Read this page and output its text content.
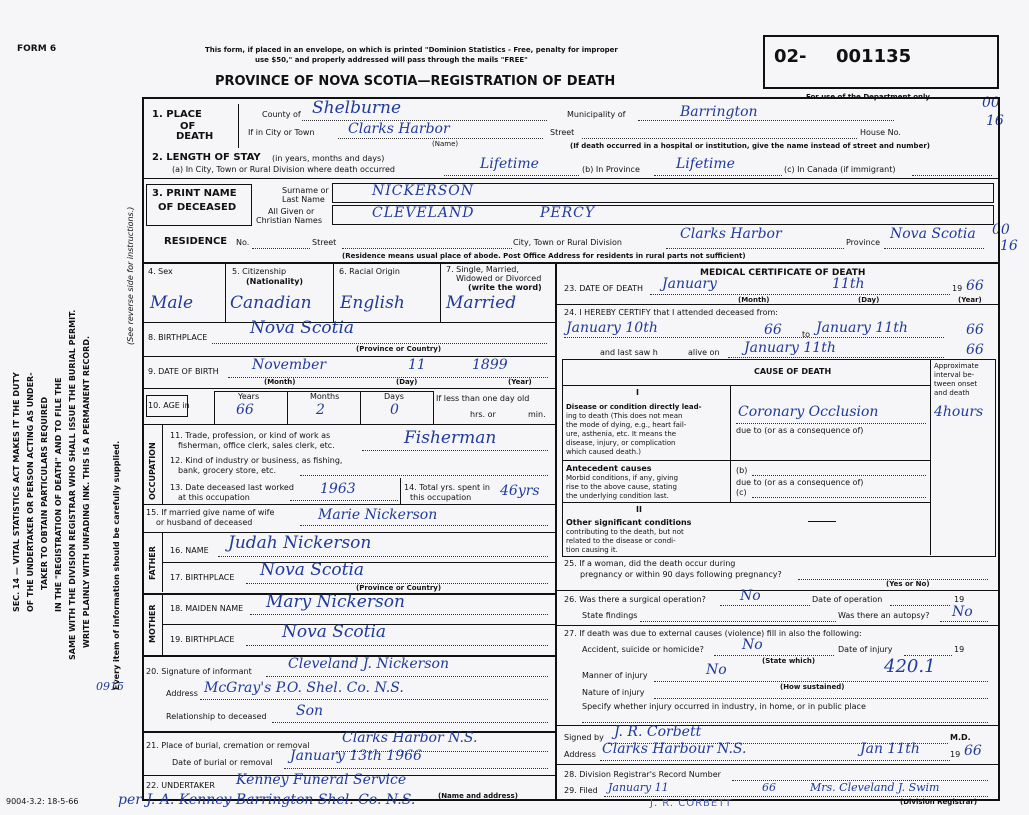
SEC. 14 — VITAL STATISTICS ACT MAKES IT THE DUTY OF THE UNDERTAKER OR PERSON ACTING AS UNDER- TAKER TO OBTAIN PARTICULARS REQUIRED IN THE "REGISTRATION OF DEATH" AND TO FILE THE SAME WITH THE DIVISION REGISTRAR WHO SHALL ISSUE THE BURIAL PERMIT. WRITE PLAINLY WITH UNFADING INK. THIS IS A PERMANENT RECORD.	Every item of information should be carefully supplied.
(See reverse side for instructions.)
0915
FORM 6	This form, if placed in an envelope, on which is printed "Dominion Statistics - Free, penalty for improper
use $50," and properly addressed will pass through the mails "FREE"
PROVINCE OF NOVA SCOTIA—REGISTRATION OF DEATH
02- 001135
For use of the Department only	00
16
00
16
1. PLACE
OF
DEATH
County of Shelburne	Municipality of	Barrington
If in City or Town Clarks Harbor
(Name)
Street	House No.
(If death occurred in a hospital or institution, give the name instead of street and number)
2. LENGTH OF STAY (in years, months and days)
(a) In City, Town or Rural Division where death occurred	Lifetime	(b) In Province	Lifetime	(c) In Canada (if immigrant)
3. PRINT NAME
OF DECEASED
Surname or
Last Name
NICKERSON
All Given or
Christian Names	CLEVELAND	PERCY
RESIDENCE No.	Street	City, Town or Rural Division
Clarks Harbor
Province
Nova Scotia
(Residence means usual place of abode. Post Office Address for residents in rural parts not sufficient)
4. Sex
Male
5. Citizenship
(Nationality)
Canadian
6. Racial Origin
English
7. Single, Married,
Widowed or Divorced
(write the word)
Married
8. BIRTHPLACE	Nova Scotia
(Province or Country)
9. DATE OF BIRTH November	11	1899
(Month)	(Day)	(Year)
10. AGE in
Years	Months	Days
66	2	0
If less than one day old
hrs. or	min.
OCCUPATION
11. Trade, profession, or kind of work as
fisherman, office clerk, sales clerk, etc.	Fisherman
12. Kind of industry or business, as fishing,
bank, grocery store, etc.
13. Date deceased last worked
at this occupation
1963	14. Total yrs. spent in
this occupation 46yrs
15. If married give name of wife
or husband of deceased	Marie Nickerson
FATHER 16. NAME Judah Nickerson
17. BIRTHPLACE Nova Scotia
(Province or Country)
MOTHER 18. MAIDEN NAME Mary Nickerson
19. BIRTHPLACE	Nova Scotia
20. Signature of informant	Cleveland J. Nickerson
Address McGray's P.O. Shel. Co. N.S.
Relationship to deceased Son
21. Place of burial, cremation or removal Clarks Harbor N.S.
Date of burial or removal January 13th 1966
22. UNDERTAKER Kenney Funeral Service
(Name and address)
9004-3.2: 18-5-66	per J. A. Kenney Barrington Shel. Co. N.S.
MEDICAL CERTIFICATE OF DEATH
23. DATE OF DEATH January	11th	19 66
(Month)	(Day)	(Year)
24. I HEREBY CERTIFY that I attended deceased from:
January 10th	66	to January 11th	66
and last saw h	alive on January 11th	66
CAUSE OF DEATH
Approximate
interval be-
tween onset
and death
I
Disease or condition directly lead-
ing to death (This does not mean
the mode of dying, e.g., heart fail-
ure, asthenia, etc. It means the
disease, injury, or complication
which caused death.)
Coronary Occlusion	4hours
due to (or as a consequence of)
Antecedent causes
Morbid conditions, if any, giving
rise to the above cause, stating
the underlying condition last.
(b)
due to (or as a consequence of)
(c)
II
Other significant conditions
contributing to the death, but not
related to the disease or condi-
tion causing it.
25. If a woman, did the death occur during
pregnancy or within 90 days following pregnancy?
(Yes or No)
26. Was there a surgical operation? No	Date of operation	19
State findings	Was there an autopsy? No
27. If death was due to external causes (violence) fill in also the following:
Accident, suicide or homicide?	No
(State which)
Date of injury	19
Manner of injury	No	420.1
(How sustained)
Nature of injury
Specify whether injury occurred in industry, in home, or in public place
Signed by J. R. Corbett	M.D.
Address Clarks Harbour N.S.	Jan 11th	19 66
28. Division Registrar's Record Number
29. Filed January 11	66	Mrs. Cleveland J. Swim
(Division Registrar)
J. R. CORBETT
